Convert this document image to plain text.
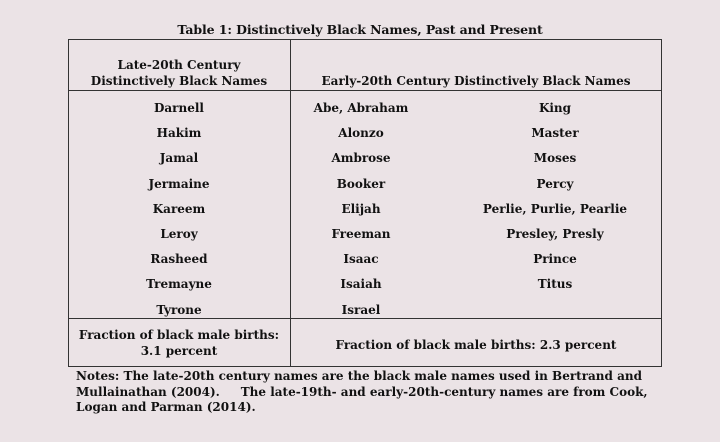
Table 1: Distinctively Black Names, Past and Present
Late-20th Century
Distinctively Black Names	Early-20th Century Distinctively Black Names
Darnell
Hakim
Jamal
Jermaine
Kareem
Leroy
Rasheed
Tremayne
Tyrone
Abe, Abraham
Alonzo
Ambrose
Booker
Elijah
Freeman
Isaac
Isaiah
Israel
King
Master
Moses
Percy
Perlie, Purlie, Pearlie
Presley, Presly
Prince
Titus
Fraction of black male births:
3.1 percent	Fraction of black male births: 2.3 percent
Notes: The late-20th century names are the black male names used in Bertrand and
Mullainathan (2004).     The late-19th- and early-20th-century names are from Cook,
Logan and Parman (2014).
